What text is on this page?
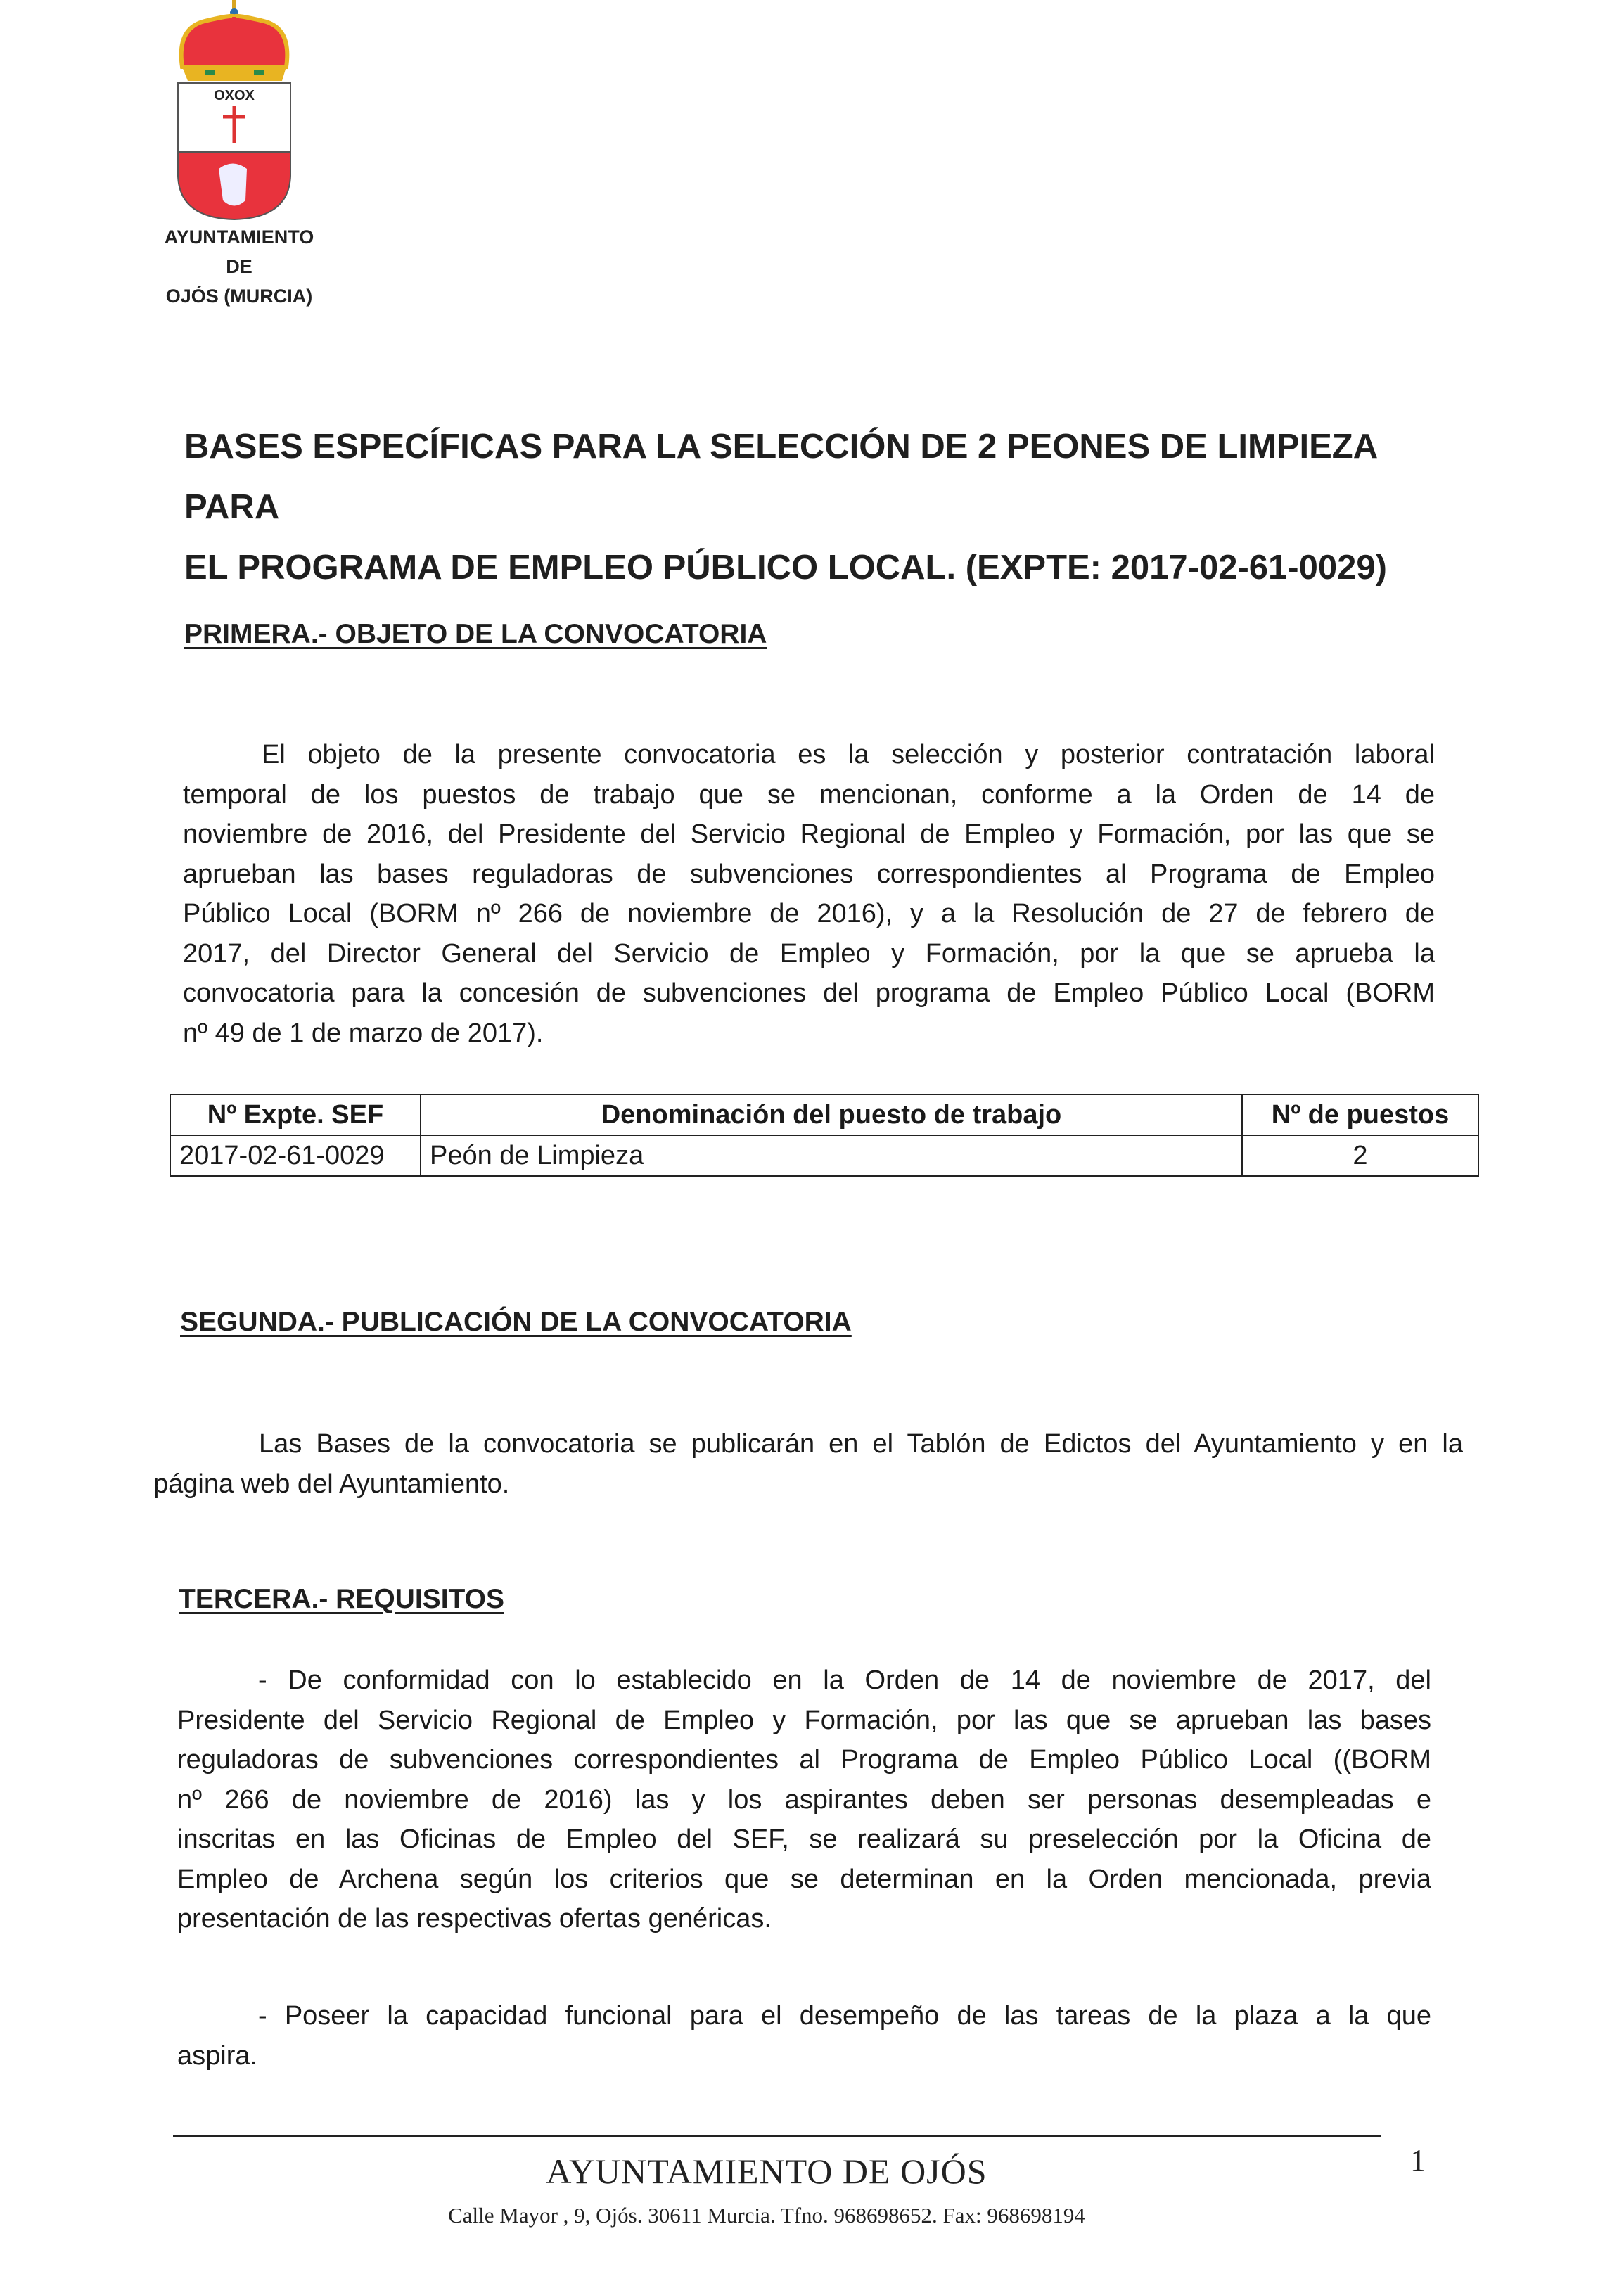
OXOX
AYUNTAMIENTO
DE
OJÓS (MURCIA)
BASES ESPECÍFICAS PARA LA SELECCIÓN DE 2 PEONES DE LIMPIEZA PARA
EL PROGRAMA DE EMPLEO PÚBLICO LOCAL. (EXPTE: 2017-02-61-0029)
PRIMERA.- OBJETO DE LA CONVOCATORIA
El objeto de la presente convocatoria es la selección y posterior contratación laboral
temporal de los puestos de trabajo que se mencionan, conforme a la Orden de 14 de
noviembre de 2016, del Presidente del Servicio Regional de Empleo y Formación, por las que se
aprueban las bases reguladoras de subvenciones correspondientes al Programa de Empleo
Público Local (BORM nº 266 de noviembre de 2016), y a la Resolución de 27 de febrero de
2017, del Director General del Servicio de Empleo y Formación, por la que se aprueba la
convocatoria para la concesión de subvenciones del programa de Empleo Público Local (BORM
nº 49 de 1 de marzo de 2017).
Nº Expte. SEF	Denominación del puesto de trabajo	Nº de puestos
2017-02-61-0029	Peón de Limpieza	2
SEGUNDA.- PUBLICACIÓN DE LA CONVOCATORIA
Las Bases de la convocatoria se publicarán en el Tablón de Edictos del Ayuntamiento y en la
página web del Ayuntamiento.
TERCERA.- REQUISITOS
- De conformidad con lo establecido en la Orden de 14 de noviembre de 2017, del
Presidente del Servicio Regional de Empleo y Formación, por las que se aprueban las bases
reguladoras de subvenciones correspondientes al Programa de Empleo Público Local ((BORM
nº 266 de noviembre de 2016) las y los aspirantes deben ser personas desempleadas e
inscritas en las Oficinas de Empleo del SEF, se realizará su preselección por la Oficina de
Empleo de Archena según los criterios que se determinan en la Orden mencionada, previa
presentación de las respectivas ofertas genéricas.
- Poseer la capacidad funcional para el desempeño de las tareas de la plaza a la que
aspira.
AYUNTAMIENTO DE OJÓS	1
Calle Mayor , 9, Ojós. 30611 Murcia. Tfno. 968698652. Fax: 968698194
